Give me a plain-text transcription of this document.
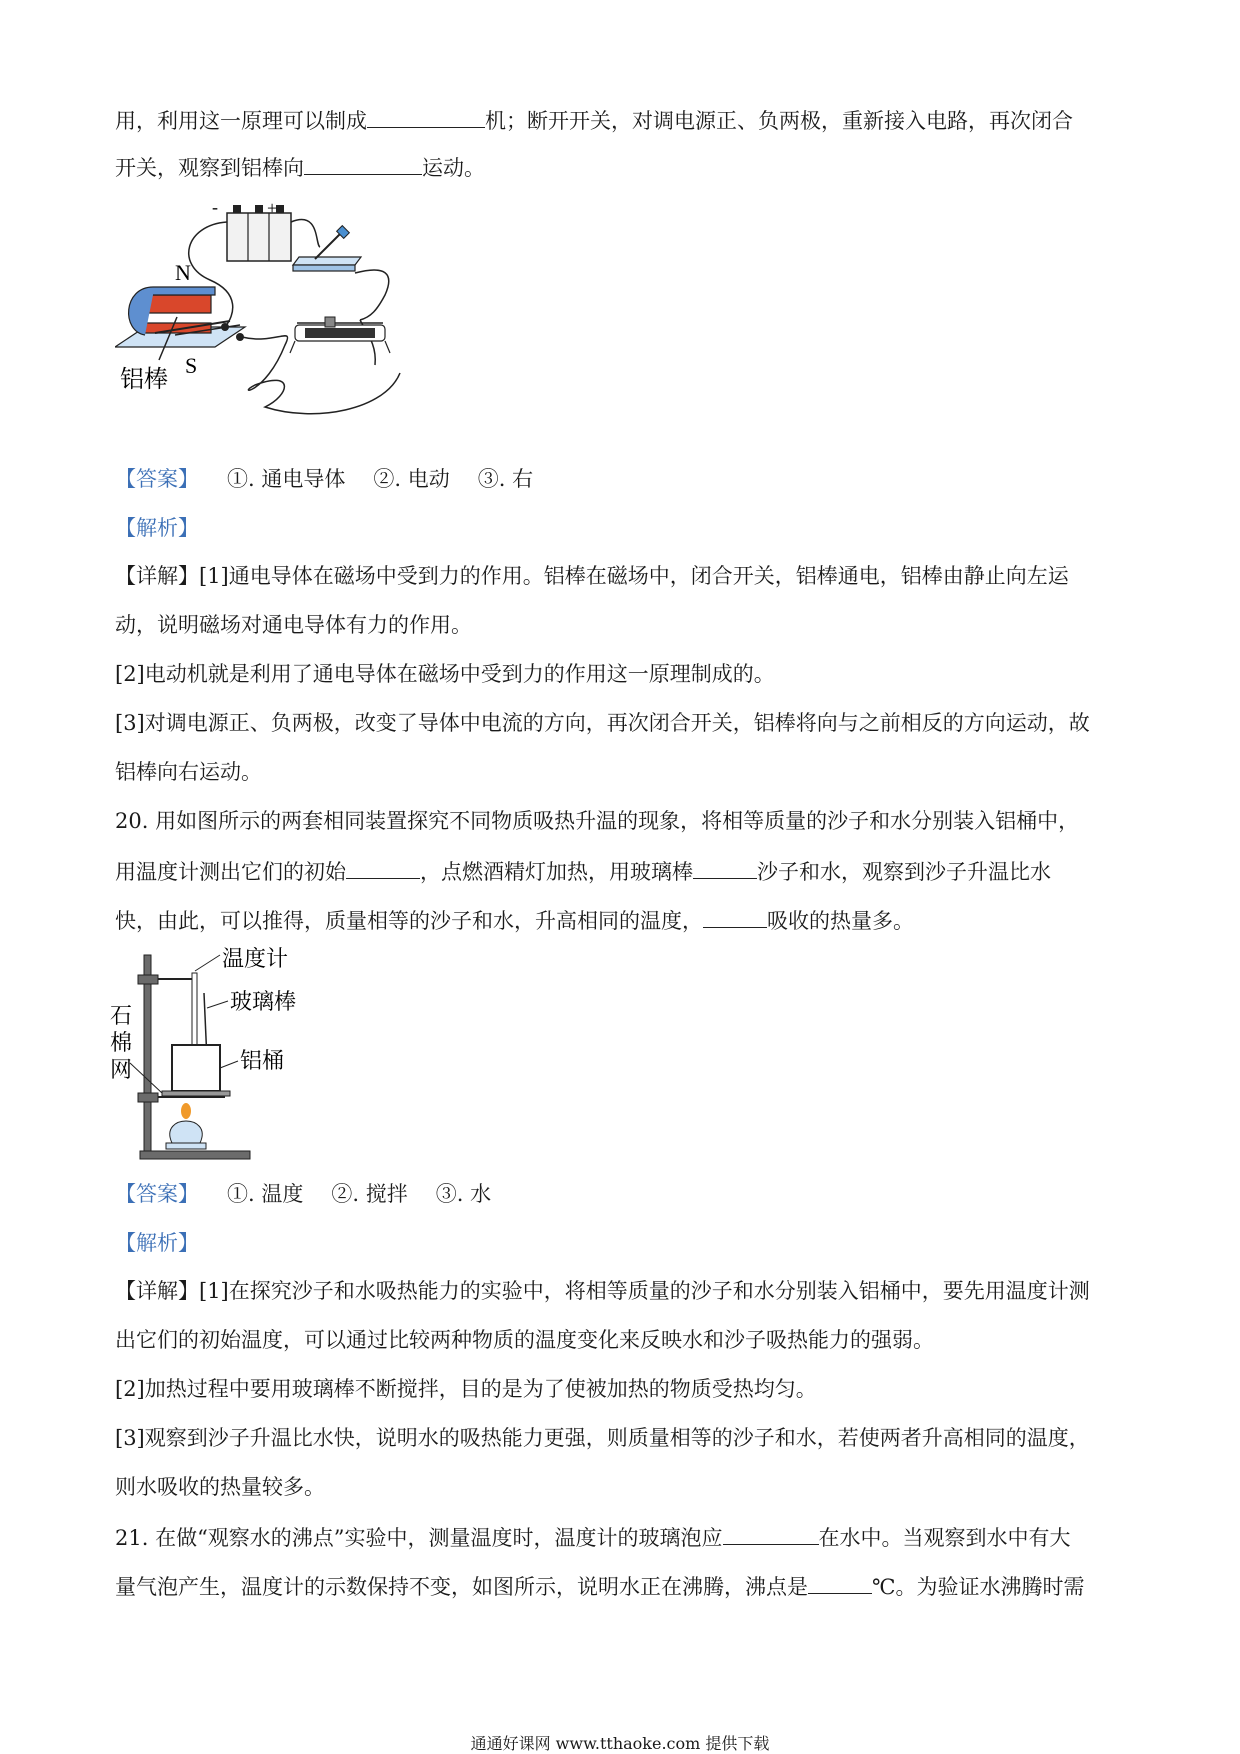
用，利用这一原理可以制成	机；断开开关，对调电源正、负两极，重新接入电路，再次闭合
开关，观察到铝棒向	运动。
-	+
N
S
铝棒
【答案】 ①. 通电导体 ②. 电动 ③. 右
【解析】
【详解】[1]通电导体在磁场中受到力的作用。铝棒在磁场中，闭合开关，铝棒通电，铝棒由静止向左运
动，说明磁场对通电导体有力的作用。
[2]电动机就是利用了通电导体在磁场中受到力的作用这一原理制成的。
[3]对调电源正、负两极，改变了导体中电流的方向，再次闭合开关，铝棒将向与之前相反的方向运动，故
铝棒向右运动。
20. 用如图所示的两套相同装置探究不同物质吸热升温的现象，将相等质量的沙子和水分别装入铝桶中，
用温度计测出它们的初始	，点燃酒精灯加热，用玻璃棒	沙子和水，观察到沙子升温比水
快，由此，可以推得，质量相等的沙子和水，升高相同的温度，	吸收的热量多。
温度计
玻璃棒
铝桶
石
棉
网
【答案】 ①. 温度 ②. 搅拌 ③. 水
【解析】
【详解】[1]在探究沙子和水吸热能力的实验中，将相等质量的沙子和水分别装入铝桶中，要先用温度计测
出它们的初始温度，可以通过比较两种物质的温度变化来反映水和沙子吸热能力的强弱。
[2]加热过程中要用玻璃棒不断搅拌，目的是为了使被加热的物质受热均匀。
[3]观察到沙子升温比水快，说明水的吸热能力更强，则质量相等的沙子和水，若使两者升高相同的温度，
则水吸收的热量较多。
21. 在做“观察水的沸点”实验中，测量温度时，温度计的玻璃泡应	在水中。当观察到水中有大
量气泡产生，温度计的示数保持不变，如图所示，说明水正在沸腾，沸点是	℃。为验证水沸腾时需
通通好课网 www.tthaoke.com 提供下载
